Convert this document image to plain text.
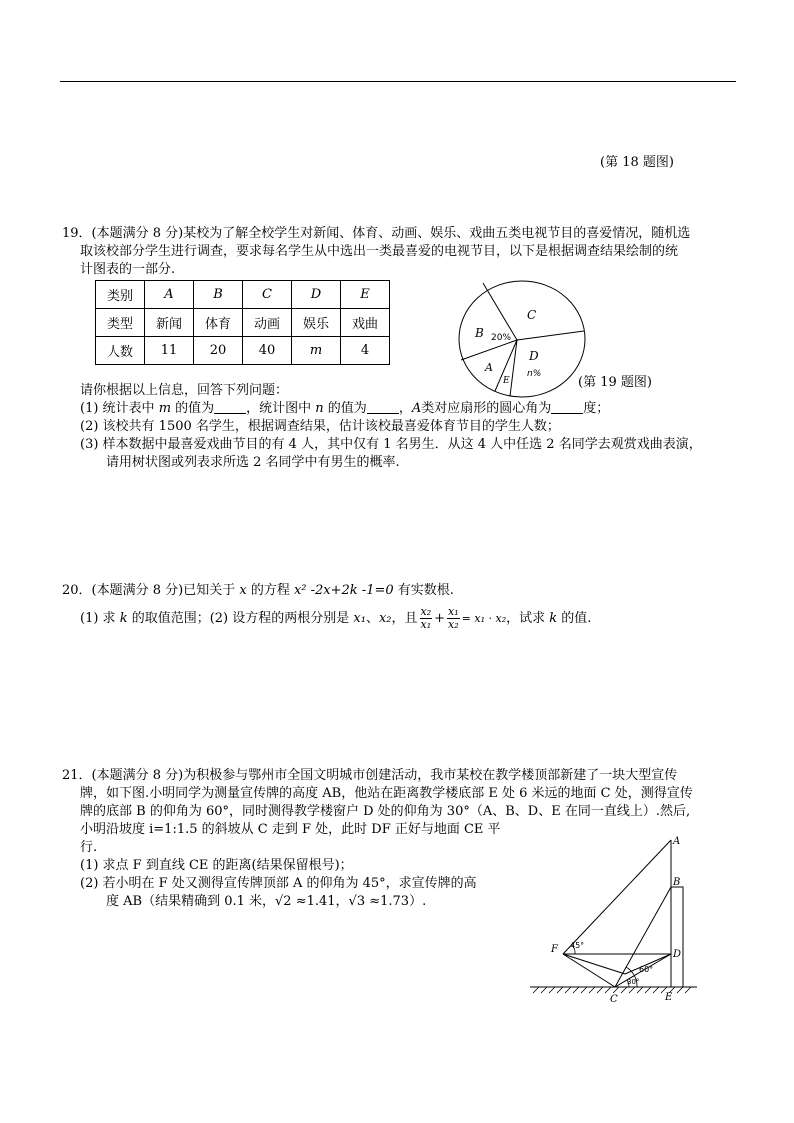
(第 18 题图)
19．(本题满分 8 分)某校为了解全校学生对新闻、体育、动画、娱乐、戏曲五类电视节目的喜爱情况，随机选
取该校部分学生进行调查，要求每名学生从中选出一类最喜爱的电视节目，以下是根据调查结果绘制的统
计图表的一部分.
类别	A	B	C	D	E
类型	新闻	体育	动画	娱乐	戏曲
人数	11	20	40	m	4
C
B 20%
D
n%
A
E	(第 19 题图)
请你根据以上信息，回答下列问题：
(1) 统计表中 m 的值为 ，统计图中 n 的值为 ，A类对应扇形的圆心角为 度；
(2) 该校共有 1500 名学生，根据调查结果，估计该校最喜爱体育节目的学生人数；
(3) 样本数据中最喜爱戏曲节目的有 4 人，其中仅有 1 名男生．从这 4 人中任选 2 名同学去观赏戏曲表演，
请用树状图或列表求所选 2 名同学中有男生的概率.
20．(本题满分 8 分)已知关于 x 的方程 x² -2x+2k -1=0 有实数根.
(1) 求 k 的取值范围；(2) 设方程的两根分别是 x₁、x₂，且 $\frac{\text{x₂}}{\text{x₁}} + \frac{\text{x₁}}{\text{x₂}} = x_1 \cdot x_2$，试求 k 的值.
21．(本题满分 8 分)为积极参与鄂州市全国文明城市创建活动，我市某校在教学楼顶部新建了一块大型宣传
牌，如下图.小明同学为测量宣传牌的高度 AB，他站在距离教学楼底部 E 处 6 米远的地面 C 处，测得宣传
牌的底部 B 的仰角为 60°，同时测得教学楼窗户 D 处的仰角为 30°（A、B、D、E 在同一直线上）.然后,
小明沿坡度 i=1:1.5 的斜坡从 C 走到 F 处，此时 DF 正好与地面 CE 平
行.
(1) 求点 F 到直线 CE 的距离(结果保留根号)；
(2) 若小明在 F 处又测得宣传牌顶部 A 的仰角为 45°，求宣传牌的高
度 AB（结果精确到 0.1 米，√2 ≈1.41，√3 ≈1.73）.
A
B
D
E
F
C
45°
60°
30°
